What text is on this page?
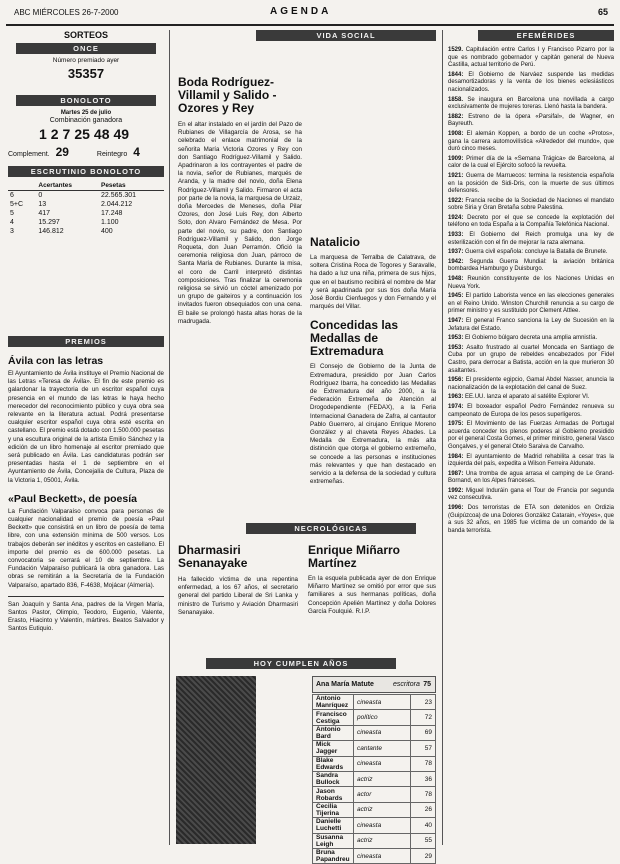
ABC MIÉRCOLES 26-7-2000	AGENDA	65
SORTEOS
ONCE
Número premiado ayer
35357
BONOLOTO
Martes 25 de julio
Combinación ganadora
1 2 7 25 48 49
Complement. 29	Reintegro 4
ESCRUTINIO BONOLOTO
	Acertantes	Pesetas
6	0	22.565.301
5+C	13	2.044.212
5	417	17.248
4	15.297	1.100
3	146.812	400
PREMIOS
Ávila con las letras
El Ayuntamiento de Ávila instituye el Premio Nacional de las Letras «Teresa de Ávila». El fin de este premio es galardonar la trayectoria de un escritor español cuya presencia en el mundo de las letras le haya hecho merecedor del reconocimiento público y cuya obra sea relevante en la literatura actual. Podrá presentarse cualquier escritor español cuya obra esté escrita en castellano. El premio está dotado con 1.500.000 pesetas y una escultura original de la artista Emilio Sánchez y la edición de un libro homenaje al escritor premiado que será publicado en Ávila. Las candidaturas podrán ser presentadas hasta el 1 de septiembre en el Ayuntamiento de Ávila, Concejalía de Cultura, Plaza de la Victoria 1, 05001, Ávila.
«Paul Beckett», de poesía
La Fundación Valparaíso convoca para personas de cualquier nacionalidad el premio de poesía «Paul Beckett» que consistirá en un libro de poesía de tema libre, con una extensión mínima de 500 versos. Los trabajos deberán ser inéditos y escritos en castellano. El importe del premio es de 600.000 pesetas. La convocatoria se cerrará el 10 de septiembre. La Fundación Valparaíso publicará la obra ganadora. Las obras se remitirán a la Secretaría de la Fundación Valparaíso, apartado 836, F-4638, Mojácar (Almería).
San Joaquín y Santa Ana, padres de la Virgen María, Santos Pastor, Olimpio, Teodoro, Eugenio, Valente, Erasto, Hiacinto y Valentín, mártires. Beatos Salvador y Santos Eutiquio.
VIDA SOCIAL
Boda Rodríguez-Villamil y Salido - Ozores y Rey
En el altar instalado en el jardín del Pazo de Rubianes de Villagarcía de Arosa, se ha celebrado el enlace matrimonial de la señorita María Victoria Ozores y Rey con don Santiago Rodríguez-Villamil y Salido. Apadrinaron a los contrayentes el padre de la novia, señor de Rubianes, marqués de Aranda, y la madre del novio, doña Elena Rodríguez-Villamil y Salido. Firmaron el acta por parte de la novia, la marquesa de Urzaiz, doña Mercedes de Meneses, doña Pilar Ozores, don José Luis Rey, don Alberto Soto, don Alvaro Fernández de Mesa. Por parte del novio, su padre, don Santiago Rodríguez-Villamil y Salido, don Jorge Roqueta, don Juan Perramón. Ofició la ceremonia religiosa don Juan, párroco de Santa María de Rubianes. Durante la misa, el coro de Carril interpretó distintas composiciones. Tras finalizar la ceremonia religiosa se sirvió un cóctel amenizado por un grupo de gaiteiros y a continuación los invitados fueron obsequiados con una cena. El baile se prolongó hasta altas horas de la madrugada.
Natalicio
La marquesa de Terralba de Calatrava, de soltera Cristina Roca de Togores y Saravalle, ha dado a luz una niña, primera de sus hijos, que en el bautismo recibirá el nombre de Mar y será apadrinada por sus tíos doña María José Bordiu Cienfuegos y don Fernando y el marqués del Villar.
Concedidas las Medallas de Extremadura
El Consejo de Gobierno de la Junta de Extremadura, presidido por Juan Carlos Rodríguez Ibarra, ha concedido las Medallas de Extremadura del año 2000, a la Federación Extremeña de Atención al Drogodependiente (FEDAX), a la Feria Internacional Ganadera de Zafra, al cantautor Pablo Guerrero, al cirujano Enrique Moreno González y al chaveta Reyes Abades. La Medalla de Extremadura, la más alta distinción que otorga el gobierno extremeño, se concede a las personas e instituciones más relevantes y que han destacado en servicio a la defensa de la sociedad y cultura extremeñas.
NECROLÓGICAS
Dharmasiri Senanayake
Ha fallecido víctima de una repentina enfermedad, a los 67 años, el secretario general del partido Liberal de Sri Lanka y ministro de Turismo y Aviación Dharmasiri Senanayake.
Enrique Miñarro Martínez
En la esquela publicada ayer de don Enrique Miñarro Martínez se omitió por error que sus familiares a sus hermanas políticas, doña Concepción Apelién Martínez y doña Dolores García Foulquié. R.I.P.
HOY CUMPLEN AÑOS
Ana María Matute	escritora 75
Antonio Manríquez	cineasta	23
Francisco Cestiga	político	72
Antonio Bard	cineasta	69
Mick Jagger	cantante	57
Blake Edwards	cineasta	78
Sandra Bullock	actriz	36
Jason Robards	actor	78
Cecilia Tijerina	actriz	26
Danielle Luchetti	cineasta	40
Susanna Leigh	actriz	55
Bruna Papandreu	cineasta	29
EFEMÉRIDES
1529. Capitulación entre Carlos I y Francisco Pizarro por la que es nombrado gobernador y capitán general de Nueva Castilla, actual territorio de Perú.
1844: El Gobierno de Narváez suspende las medidas desamortizadoras y la venta de los bienes eclesiásticos nacionalizados.
1858. Se inaugura en Barcelona una novillada a cargo exclusivamente de mujeres toreras. Llenó hasta la bandera.
1882: Estreno de la ópera «Parsifal», de Wagner, en Bayreuth.
1908: El alemán Koppen, a bordo de un coche «Protos», gana la carrera automovilística «Alrededor del mundo», que duró cinco meses.
1909: Primer día de la «Semana Trágica» de Barcelona, al calor de la cual el Ejército sofocó la revuelta.
1921: Guerra de Marruecos: termina la resistencia española en la posición de Sidi-Dris, con la muerte de sus últimos defensores.
1922: Francia recibe de la Sociedad de Naciones el mandato sobre Siria y Gran Bretaña sobre Palestina.
1924: Decreto por el que se concede la explotación del teléfono en toda España a la Compañía Telefónica Nacional.
1933: El Gobierno del Reich promulga una ley de esterilización con el fin de mejorar la raza alemana.
1937: Guerra civil española: concluye la Batalla de Brunete.
1942: Segunda Guerra Mundial: la aviación británica bombardea Hamburgo y Duisburgo.
1948: Reunión constituyente de los Naciones Unidas en Nueva York.
1945: El partido Laborista vence en las elecciones generales en el Reino Unido. Winston Churchill renuncia a su cargo de primer ministro y es sustituido por Clement Attlee.
1947: El general Franco sanciona la Ley de Sucesión en la Jefatura del Estado.
1953: El Gobierno búlgaro decreta una amplia amnistía.
1953: Asalto frustrado al cuartel Moncada en Santiago de Cuba por un grupo de rebeldes encabezados por Fidel Castro, para derrocar a Batista, acción en la que murieron 30 asaltantes.
1956: El presidente egipcio, Gamal Abdel Nasser, anuncia la nacionalización de la explotación del canal de Suez.
1963: EE.UU. lanza el aparato al satélite Explorer VI.
1974: El boxeador español Pedro Fernández renueva su campeonato de Europa de los pesos superligeros.
1975: El Movimiento de las Fuerzas Armadas de Portugal acuerda conceder los plenos poderes al Gobierno presidido por el general Costa Gomes, el primer ministro, general Vasco Gonçalves, y el general Otelo Saraiva de Carvalho.
1984: El ayuntamiento de Madrid rehabilita a cesar tras la izquierda del país, expedita a Wilson Ferreira Aldunate.
1987: Una tromba de agua arrasa el camping de Le Grand-Bornand, en los Alpes franceses.
1992: Miguel Induráin gana el Tour de Francia por segunda vez consecutiva.
1996: Dos terroristas de ETA son detenidos en Ordizia (Guipúzcoa) de una Dolores González Catarain, «Yoyes», que a sus 32 años, en 1985 fue víctima de un comando de la banda terrorista.
